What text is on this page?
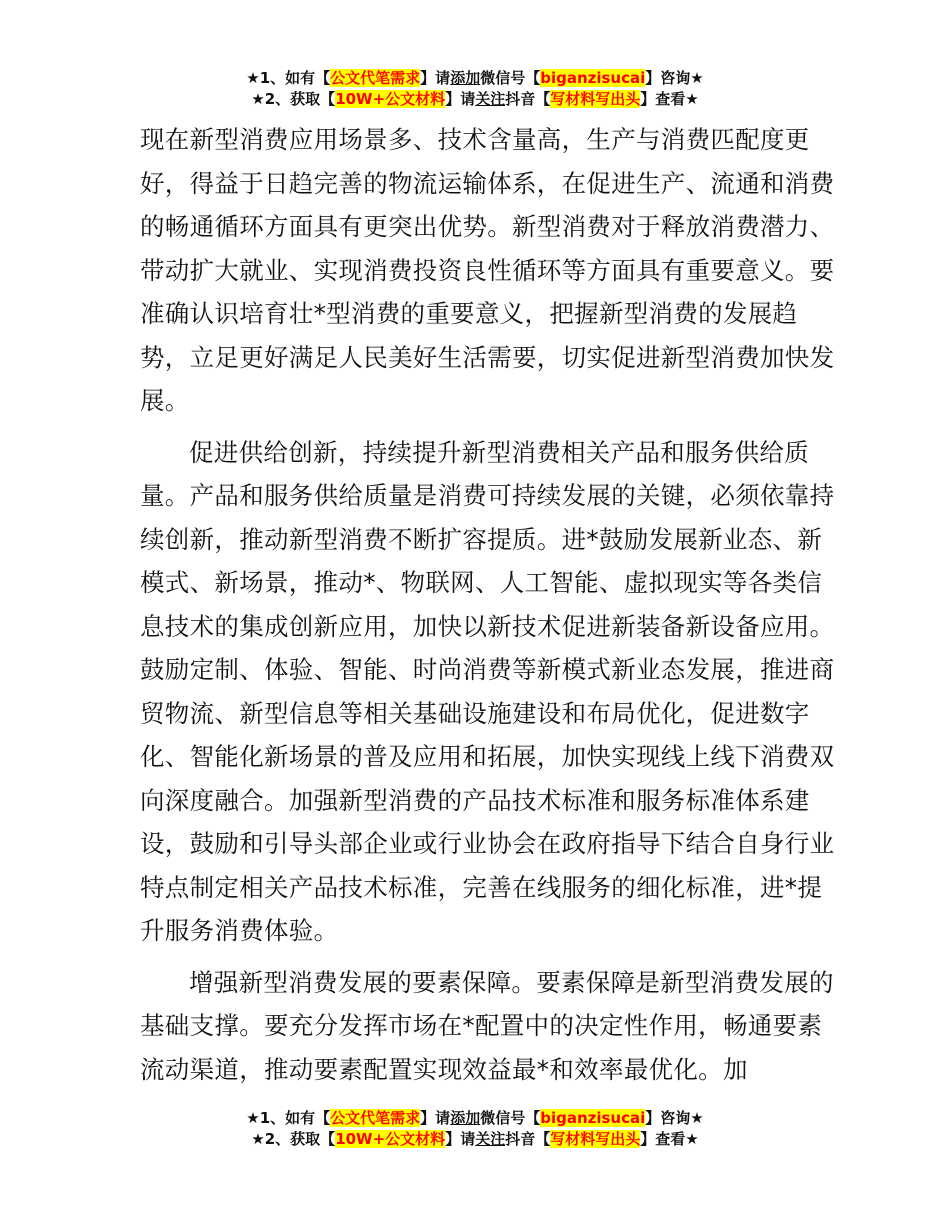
★1、如有【公文代笔需求】请添加微信号【biganzisucai】咨询★
★2、获取【10W+公文材料】请关注抖音【写材料写出头】查看★

现在新型消费应用场景多、技术含量高，生产与消费匹配度更好，得益于日趋完善的物流运输体系，在促进生产、流通和消费的畅通循环方面具有更突出优势。新型消费对于释放消费潜力、带动扩大就业、实现消费投资良性循环等方面具有重要意义。要准确认识培育壮*型消费的重要意义，把握新型消费的发展趋势，立足更好满足人民美好生活需要，切实促进新型消费加快发展。

促进供给创新，持续提升新型消费相关产品和服务供给质量。产品和服务供给质量是消费可持续发展的关键，必须依靠持续创新，推动新型消费不断扩容提质。进*鼓励发展新业态、新模式、新场景，推动*、物联网、人工智能、虚拟现实等各类信息技术的集成创新应用，加快以新技术促进新装备新设备应用。鼓励定制、体验、智能、时尚消费等新模式新业态发展，推进商贸物流、新型信息等相关基础设施建设和布局优化，促进数字化、智能化新场景的普及应用和拓展，加快实现线上线下消费双向深度融合。加强新型消费的产品技术标准和服务标准体系建设，鼓励和引导头部企业或行业协会在政府指导下结合自身行业特点制定相关产品技术标准，完善在线服务的细化标准，进*提升服务消费体验。

增强新型消费发展的要素保障。要素保障是新型消费发展的基础支撑。要充分发挥市场在*配置中的决定性作用，畅通要素流动渠道，推动要素配置实现效益最*和效率最优化。加

★1、如有【公文代笔需求】请添加微信号【biganzisucai】咨询★
★2、获取【10W+公文材料】请关注抖音【写材料写出头】查看★
